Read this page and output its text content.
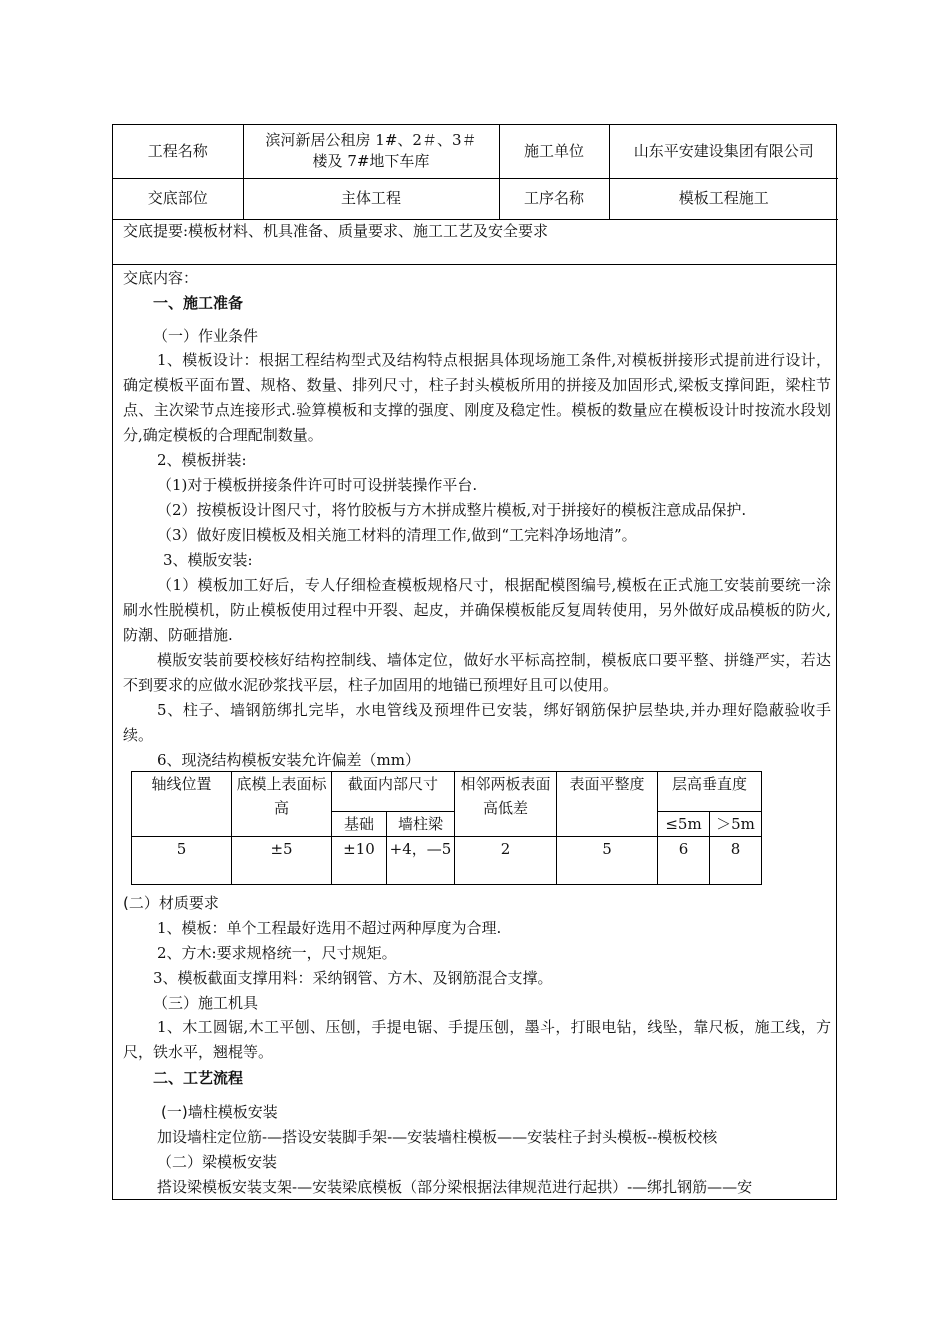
工程名称	滨河新居公租房 1#、2＃、3＃楼及 7#地下车库	施工单位	山东平安建设集团有限公司
交底部位	主体工程	工序名称	模板工程施工
交底提要:模板材料、机具准备、质量要求、施工工艺及安全要求
交底内容：
一、施工准备
（一）作业条件

1、模板设计：根据工程结构型式及结构特点根据具体现场施工条件,对模板拼接形式提前进行设计，确定模板平面布置、规格、数量、排列尺寸，柱子封头模板所用的拼接及加固形式,梁板支撑间距，梁柱节点、主次梁节点连接形式.验算模板和支撑的强度、刚度及稳定性。模板的数量应在模板设计时按流水段划分,确定模板的合理配制数量。

2、模板拼装:

（1)对于模板拼接条件许可时可设拼装操作平台.

（2）按模板设计图尺寸，将竹胶板与方木拼成整片模板,对于拼接好的模板注意成品保护.

（3）做好废旧模板及相关施工材料的清理工作,做到“工完料净场地清”。

3、模版安装:

（1）模板加工好后，专人仔细检查模板规格尺寸，根据配模图编号,模板在正式施工安装前要统一涂刷水性脱模机，防止模板使用过程中开裂、起皮，并确保模板能反复周转使用，另外做好成品模板的防火,防潮、防砸措施.

模版安装前要校核好结构控制线、墙体定位，做好水平标高控制，模板底口要平整、拼缝严实，若达不到要求的应做水泥砂浆找平层，柱子加固用的地锚已预埋好且可以使用。

5、柱子、墙钢筋绑扎完毕，水电管线及预埋件已安装，绑好钢筋保护层垫块,并办理好隐蔽验收手续。

6、现浇结构模板安装允许偏差（mm）

轴线位置	底模上表面标高	截面内部尺寸		相邻两板表面高低差	表面平整度	层高垂直度	
		基础	墙柱梁			≤5m	＞5m
5	±5	±10	+4，—5	2	5	6	8
(二）材质要求
1、模板：单个工程最好选用不超过两种厚度为合理.
2、方木:要求规格统一，尺寸规矩。
3、模板截面支撑用料：采纳钢管、方木、及钢筋混合支撑。
（三）施工机具

1、木工圆锯,木工平刨、压刨，手提电锯、手提压刨，墨斗，打眼电钻，线坠，靠尺板，施工线，方尺，铁水平，翘棍等。

二、工艺流程
(一)墙柱模板安装
加设墙柱定位筋-—搭设安装脚手架-—安装墙柱模板——安装柱子封头模板--模板校核
（二）梁模板安装
搭设梁模板安装支架-—安装梁底模板（部分梁根据法律规范进行起拱）-—绑扎钢筋——安
